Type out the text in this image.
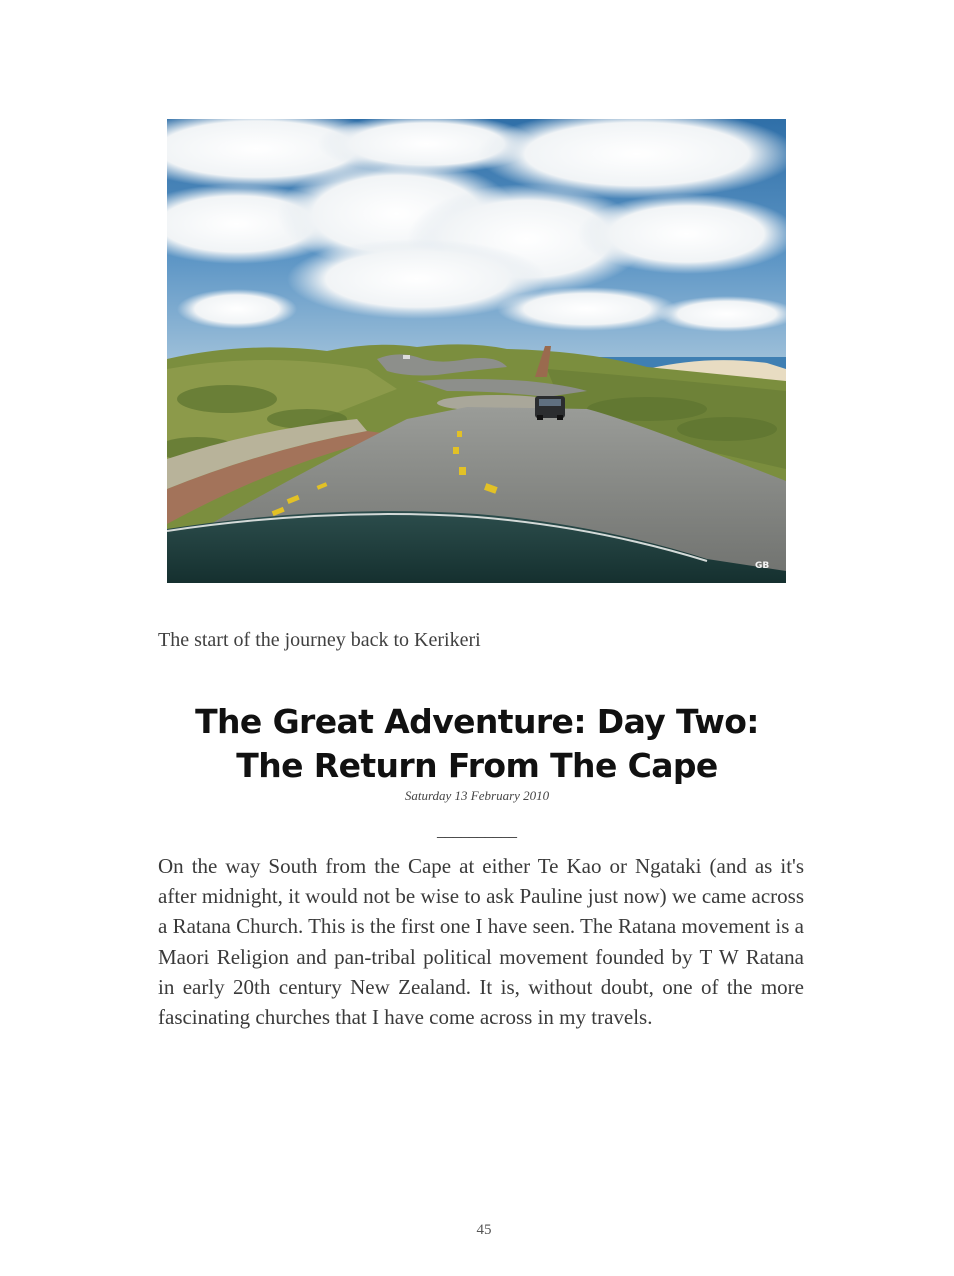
GB

The start of the journey back to Kerikeri

The Great Adventure: Day Two: The Return From The Cape
Saturday 13 February 2010
__________

On the way South from the Cape at either Te Kao or Ngataki (and as it's after midnight, it would not be wise to ask Pauline just now) we came across a Ratana Church. This is the first one I have seen. The Ratana movement is a Maori Religion and pan-tribal political movement founded by T W Ratana in early 20th century New Zealand. It is, without doubt, one of the more fascinating churches that I have come across in my travels.

45
